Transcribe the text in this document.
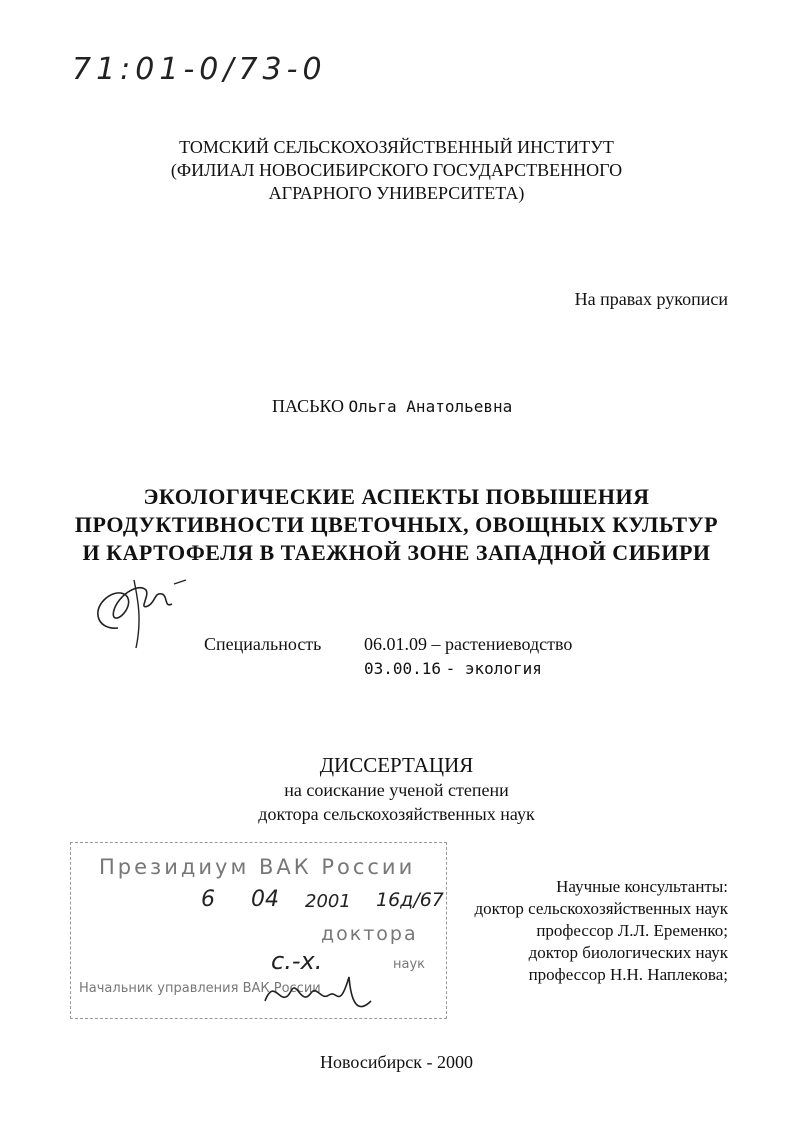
71:01-0/73-0
ТОМСКИЙ СЕЛЬСКОХОЗЯЙСТВЕННЫЙ ИНСТИТУТ
(ФИЛИАЛ НОВОСИБИРСКОГО ГОСУДАРСТВЕННОГО
АГРАРНОГО УНИВЕРСИТЕТА)
На правах рукописи
ПАСЬКО Ольга Анатольевна
ЭКОЛОГИЧЕСКИЕ АСПЕКТЫ ПОВЫШЕНИЯ
ПРОДУКТИВНОСТИ ЦВЕТОЧНЫХ, ОВОЩНЫХ КУЛЬТУР
И КАРТОФЕЛЯ В ТАЕЖНОЙ ЗОНЕ ЗАПАДНОЙ СИБИРИ
Специальность 06.01.09 – растениеводство
03.00.16 - экология
ДИССЕРТАЦИЯ
на соискание ученой степени
доктора сельскохозяйственных наук
Президиум ВАК России
6 04 2001 16д/67
доктора
с.-х.	наук
Начальник управления ВАК России
Научные консультанты:
доктор сельскохозяйственных наук
профессор Л.Л. Еременко;
доктор биологических наук
профессор Н.Н. Наплекова;
Новосибирск - 2000
